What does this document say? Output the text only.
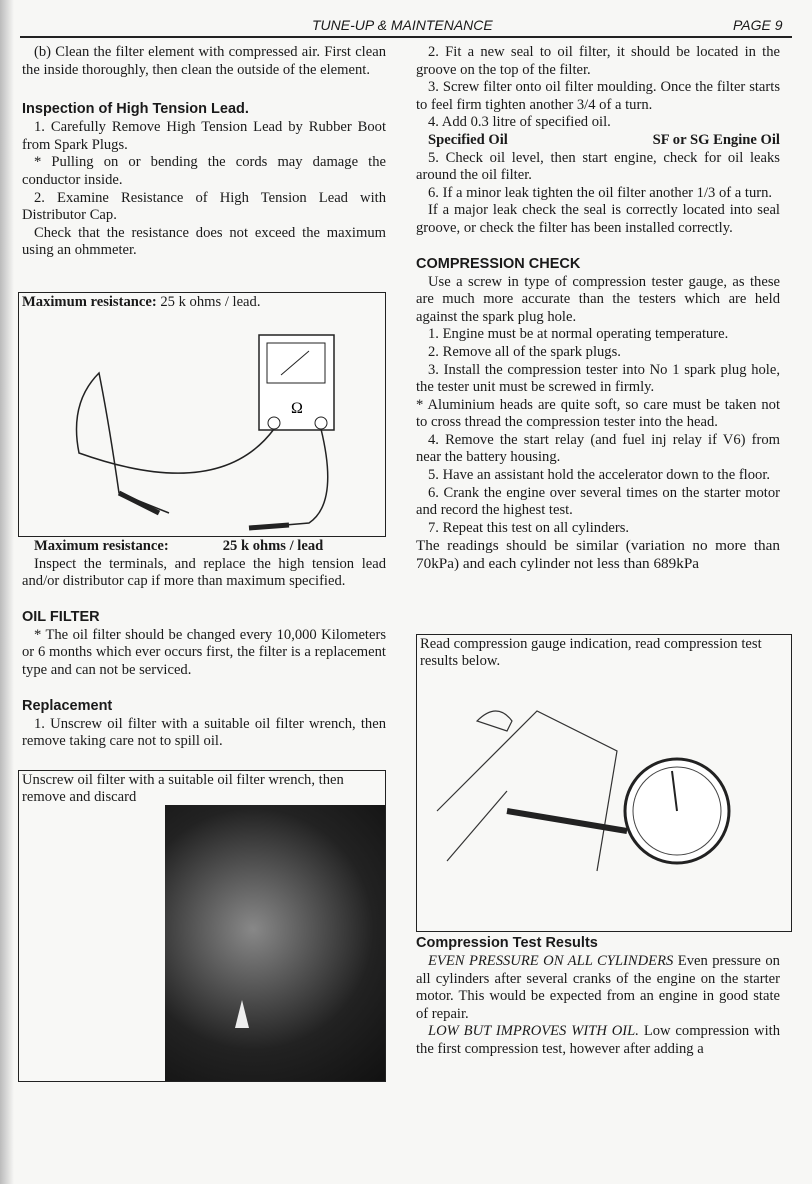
TUNE-UP & MAINTENANCE	PAGE 9

(b) Clean the filter element with compressed air. First clean the inside thoroughly, then clean the outside of the element.

Inspection of High Tension Lead.

1. Carefully Remove High Tension Lead by Rubber Boot from Spark Plugs.

* Pulling on or bending the cords may damage the conductor inside.

2. Examine Resistance of High Tension Lead with Distributor Cap.

Check that the resistance does not exceed the maximum using an ohmmeter.

Maximum resistance: 25 k ohms / lead.
Ω
Maximum resistance:	25 k ohms / lead

Inspect the terminals, and replace the high tension lead and/or distributor cap if more than maximum specified.

OIL FILTER

* The oil filter should be changed every 10,000 Kilometers or 6 months which ever occurs first, the filter is a replacement type and can not be serviced.

Replacement

1. Unscrew oil filter with a suitable oil filter wrench, then remove taking care not to spill oil.

Unscrew oil filter with a suitable oil filter wrench, then remove and discard

2. Fit a new seal to oil filter, it should be located in the groove on the top of the filter.

3. Screw filter onto oil filter moulding. Once the filter starts to feel firm tighten another 3/4 of a turn.

4. Add 0.3 litre of specified oil.

Specified Oil	SF or SG Engine Oil

5. Check oil level, then start engine, check for oil leaks around the oil filter.

6. If a minor leak tighten the oil filter another 1/3 of a turn.

If a major leak check the seal is correctly located into seal groove, or check the filter has been installed correctly.

COMPRESSION CHECK

Use a screw in type of compression tester gauge, as these are much more accurate than the testers which are held against the spark plug hole.

1. Engine must be at normal operating temperature.

2. Remove all of the spark plugs.

3. Install the compression tester into No 1 spark plug hole, the tester unit must be screwed in firmly.

* Aluminium heads are quite soft, so care must be taken not to cross thread the compression tester into the head.

4. Remove the start relay (and fuel inj relay if V6) from near the battery housing.

5. Have an assistant hold the accelerator down to the floor.

6. Crank the engine over several times on the starter motor and record the highest test.

7. Repeat this test on all cylinders.

The readings should be similar (variation no more than 70kPa) and each cylinder not less than 689kPa

Read compression gauge indication, read compression test results below.
Compression Test Results

EVEN PRESSURE ON ALL CYLINDERS Even pressure on all cylinders after several cranks of the engine on the starter motor. This would be expected from an engine in good state of repair.

LOW BUT IMPROVES WITH OIL. Low compression with the first compression test, however after adding a
